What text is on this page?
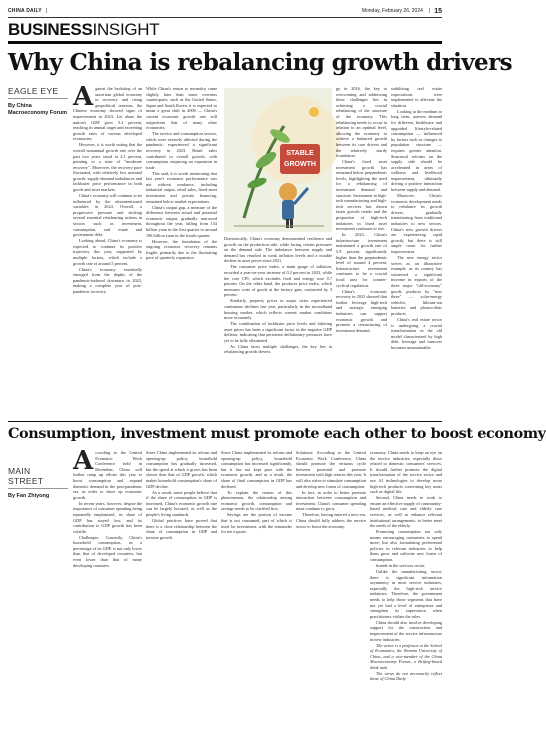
CHINA DAILY |	Monday, February 26, 2024 | 15
BUSINESSINSIGHT
Why China is rebalancing growth drivers
EAGLE EYE
By China Macroeconomy Forum

Against the backdrop of an uncertain global economy in recovery and rising geopolitical tensions, the Chinese economy showed signs of improvement in 2023. Let alone the nation's GDP grew 5.2 percent, reaching its annual target and exceeding growth rates of various developed economies.

However, it is worth noting that the overall nonannual growth rate over the past two years stood at 4.1 percent, pointing to a state of "moderate recovery". Moreover, the recovery pace fluctuated, with relatively low nominal growth, supply-demand imbalances and lackluster price performance in both goods and asset markets.

China's economy will continue to be influenced by the aforementioned variables in 2024. Overall, a progressive pressure and sticking several essential rebalancing actions in sectors such as investment, consumption, real estate and government debt.

Looking ahead, China's economy is expected to continue its positive trajectory this year, supported by multiple factors, which include a growth rate of around 5 percent.

China's economy essentially emerged from the depths of the pandemic-induced downturn in 2023, making a complete year of post-pandemic recovery.

While China's return to normalcy came slightly later than some overseas counterparts, such as the United States, Japan and South Korea, it is expected to mean a great shift in 2000 — China's current economic growth rate will outperform that of many other economies.

The service and consumption sectors, which were severely affected during the pandemic, experienced a significant recovery in 2023. Retail sales contributed to overall growth, with consumption outpacing an expansion in trade.

This said, it is worth mentioning that last year's economic performance was not without weakness, including industrial output, retail sales, fixed-asset investment and private financing, remained below market expectations.

China's output gap, a measure of the difference between actual and potential economic output, gradually narrowed throughout the year, falling from 134 billion yuan in the first quarter to around 196 billion yuan in the fourth quarter.

However, the foundation of the ongoing economic recovery remains fragile, primarily due to the fluctuating pace of quarterly expansion.

STABLE
GROWTH

Domestically, China's economy demonstrated resilience and growth on the production side, while facing certain pressures on the demand side. The imbalance between supply and demand has resulted in weak inflation levels and a notable decline in asset prices since 2021.

The consumer price index, a main gauge of inflation, recorded a year-on-year increase of 0.2 percent in 2023, while the core CPI, which excludes food and energy rose 0.7 percent. On the other hand, the producer price index, which measures costs of goods at the factory gate, contracted by 3 percent.

Similarly, property prices in major cities experienced continuous declines last year, particularly in the secondhand housing market, which reflects current market conditions more accurately.

The combination of lackluster price levels and faltering asset prices has been a significant factor in the negative GDP deflator, indicating that persistent deflationary pressures have yet to be fully eliminated.

As China faces multiple challenges, the key lies in rebalancing growth drivers.

gy in 2016, the key to overcoming and addressing these challenges lies in achieving a crucial rebalancing of the structure of the economy. This rebalancing needs to occur in relation to an optimal level, allowing the economy to achieve a balanced growth between its core drivers and the relatively sturdy foundation.

China's fixed asset investment growth has remained below prepandemic levels, highlighting the need for a rebalancing of investment demand and structure. Investment in high-tech manufacturing and high-tech services has shown faster growth trends and the proportion of high-tech industries in fixed asset investment continues to rise.

In 2023, China's infrastructure investment maintained a growth rate of 5.9 percent, significantly higher than the prepandemic level of around 4 percent. Infrastructure investment continues to be a crucial focal area for counter-cyclical regulation.

China's economic recovery in 2023 showed that further leverage high-tech and strategic emerging industries can support economic growth and promote a restructuring of investment demand.

stabilizing real estate expectations were implemented to alleviate the situation.

Looking at the medium to long term, uneven demand for different, healthcare and upgraded lifestyle-related consumption — influenced by factors such as changes to population structure — requires greater attention. Structural reforms on the supply side should be accelerated in areas of wellness and livelihood improvement, ultimately driving a positive interaction between supply and demand.

Moreover, China's economic development needs to rebalance its growth drivers, gradually transitioning from traditional industries to new sectors. China's new growth drivers are experiencing rapid growth, but there is still ample room for further improvement.

The new energy sector serves as an illustrative example, as its country has witnessed a significant increase in exports of the three major "old-economy" goods: products by "new three" — solar-energy vehicles, lithium-ion batteries and photovoltaic products.

China's real estate sector is undergoing a crucial transformation as the old model characterized by high debt, leverage and turnover becomes unsustainable.

Consumption, investment must promote each other to boost economy
MAIN STREET
By Fan Zhiyong

According to the Central Economic Work Conference held in December, China will further ramp up efforts this year to boost consumption and expand domestic demand in the post-pandemic era, in order to shore up economic growth.

In recent years, however, despite the importance of consumer spending being repeatedly emphasized, its share of GDP has stayed low, and its contribution to GDP growth has been volatile.

Challenges: Currently, China's household consumption, as a percentage of its GDP, is not only lower than that of developed countries, but even lower than that of many developing countries.

Since China implemented its reform and opening-up policy, household consumption has gradually increased, but the speed at which it grows has been slower than that of GDP growth, which makes household consumption's share of GDP decline.

As a result, some people believe that if the share of consumption in GDP is increased, China's economic growth rate can be largely boosted, as well as the people's living standards.

Global practices have proved that there is a close relationship between the share of consumption in GDP and income growth.

Since China implemented its reform and opening-up policy, household consumption has increased significantly, but it has not kept pace with the economic growth, and as a result, the share of final consumption in GDP has declined.

To explain the reason of this phenomenon, the relationship among economic growth, consumption and savings needs to be clarified first.

Savings are the portion of income that is not consumed, part of which is used for investment, with the remainder for net exports.

Solutions: According to the Central Economic Work Conference, China should promote the virtuous cycle between potential and promote investment with high returns this year. It will also strive to stimulate consumption and develop new forms of consumption.

In fact, in order to better promote interaction between consumption and investment, China's consumer spending must continue to grow.

Therefore, having entered a new-era, China should fully address the service sector to boost the economy.

economy, China needs to keep an eye on the service industries, especially those related to domestic consumers' services. It should further promote the digital transformation of the service sector and use AI technologies to develop more high-tech products concerning key areas such as digital life.

Second, China needs to work to ensure an effective supply of community-based medical care and elderly care services, as well as enhance relevant institutional arrangements, to better meet the needs of the elderly.

Promoting consumption not only means encouraging consumers to spend more, but also formulating preferential policies in relevant industries to help them grow and cultivate new forms of consumption.

brands in the services sector.

Unlike the manufacturing sector, there is significant information asymmetry in most service industries, especially the high-tech service industries. Therefore, the government needs to help those segments that have not yet had a level of enterprises and strengthen its supervision when practitioners violate the rules.

China should also involve developing support for the construction and improvement of the service infrastructure in new industries.

The writer is a professor at the School of Economics, the Renmin University of China, and a vice-member of the China Macroeconomy Forum, a Beijing-based think tank.

The views do not necessarily reflect those of China Daily.
